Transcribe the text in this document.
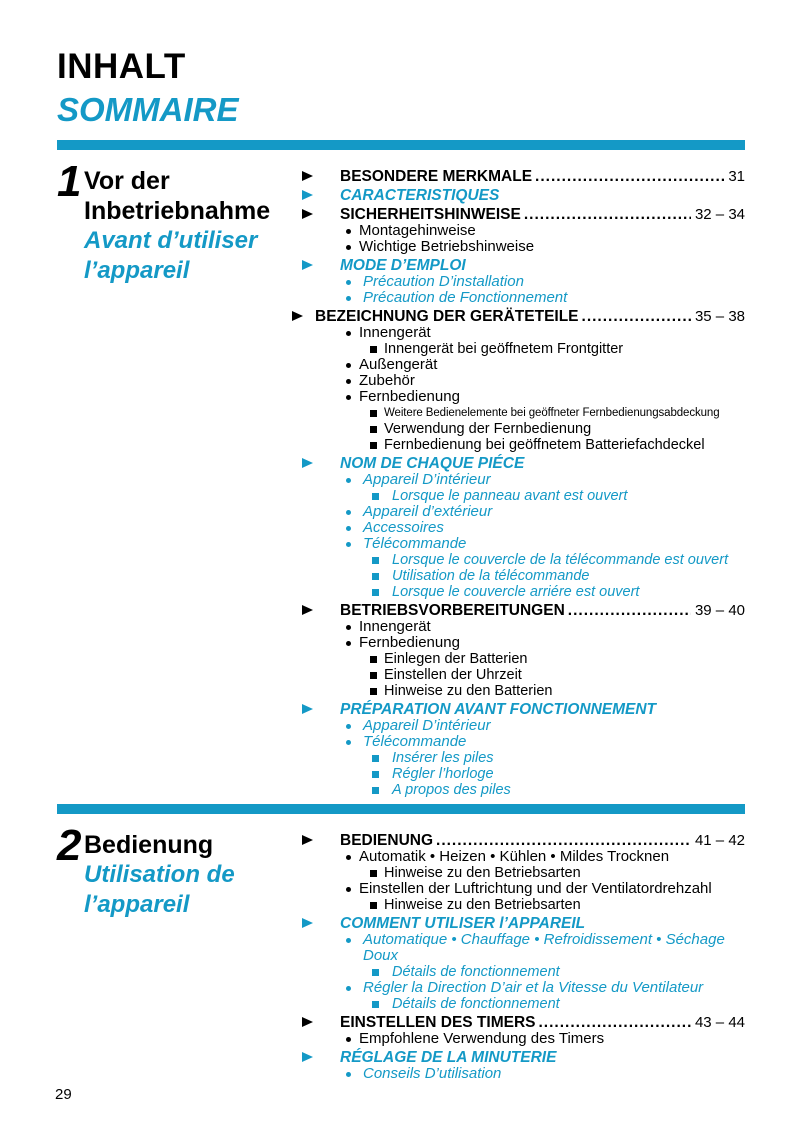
INHALT
SOMMAIRE
1 Vor der
Inbetriebnahme
Avant d’utiliser
l’appareil
BESONDERE MERKMALE .....	31
CARACTERISTIQUES
SICHERHEITSHINWEISE .....	32 – 34
Montagehinweise
Wichtige Betriebshinweise
MODE D’EMPLOI
Précaution D’installation
Précaution de Fonctionnement
BEZEICHNUNG DER GERÄTETEILE .....	35 – 38
Innengerät
Innengerät bei geöffnetem Frontgitter
Außengerät
Zubehör
Fernbedienung
Weitere Bedienelemente bei geöffneter Fernbedienungsabdeckung
Verwendung der Fernbedienung
Fernbedienung bei geöffnetem Batteriefachdeckel
NOM DE CHAQUE PIÉCE
Appareil D’intérieur
Lorsque le panneau avant est ouvert
Appareil d’extérieur
Accessoires
Télécommande
Lorsque le couvercle de la télécommande est ouvert
Utilisation de la télécommande
Lorsque le couvercle arriére est ouvert
BETRIEBSVORBEREITUNGEN .....	39 – 40
Innengerät
Fernbedienung
Einlegen der Batterien
Einstellen der Uhrzeit
Hinweise zu den Batterien
PRÉPARATION AVANT FONCTIONNEMENT
Appareil D’intérieur
Télécommande
Insérer les piles
Régler l’horloge
A propos des piles
2 Bedienung
Utilisation de
l’appareil
BEDIENUNG .....	41 – 42
Automatik • Heizen • Kühlen • Mildes Trocknen
Hinweise zu den Betriebsarten
Einstellen der Luftrichtung und der Ventilatordrehzahl
Hinweise zu den Betriebsarten
COMMENT UTILISER l’APPAREIL
Automatique • Chauffage • Refroidissement • Séchage Doux
Détails de fonctionnement
Régler la Direction D’air et la Vitesse du Ventilateur
Détails de fonctionnement
EINSTELLEN DES TIMERS .....	43 – 44
Empfohlene Verwendung des Timers
RÉGLAGE DE LA MINUTERIE
Conseils D’utilisation
29
